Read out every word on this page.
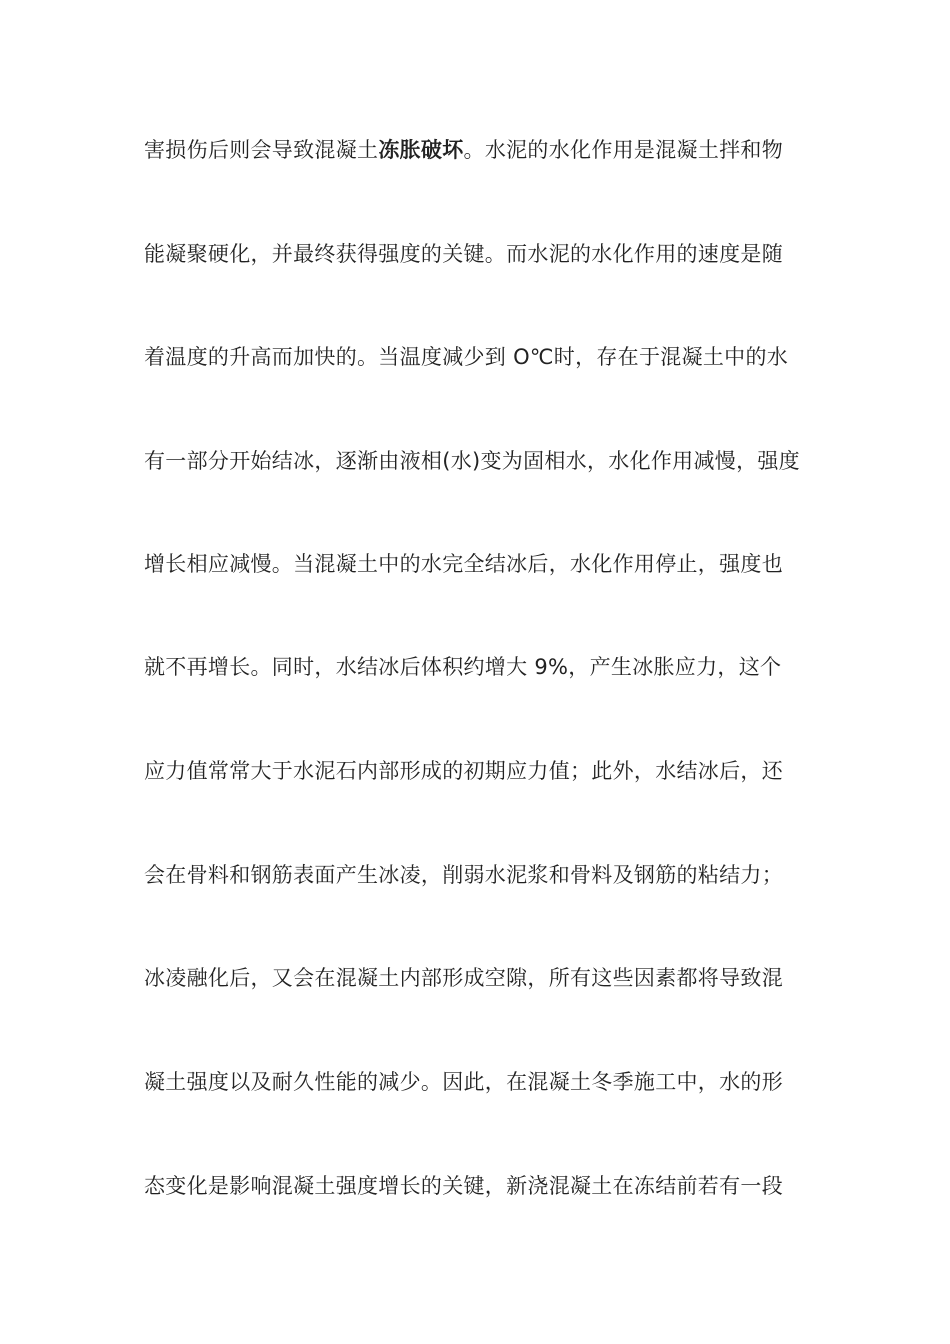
害损伤后则会导致混凝土冻胀破坏。水泥的水化作用是混凝土拌和物
能凝聚硬化，并最终获得强度的关键。而水泥的水化作用的速度是随
着温度的升高而加快的。当温度减少到 O℃时，存在于混凝土中的水
有一部分开始结冰，逐渐由液相(水)变为固相水，水化作用减慢，强度
增长相应减慢。当混凝土中的水完全结冰后，水化作用停止，强度也
就不再增长。同时，水结冰后体积约增大 9%，产生冰胀应力，这个
应力值常常大于水泥石内部形成的初期应力值；此外，水结冰后，还
会在骨料和钢筋表面产生冰凌，削弱水泥浆和骨料及钢筋的粘结力；
冰凌融化后，又会在混凝土内部形成空隙，所有这些因素都将导致混
凝土强度以及耐久性能的减少。因此，在混凝土冬季施工中，水的形
态变化是影响混凝土强度增长的关键，新浇混凝土在冻结前若有一段
